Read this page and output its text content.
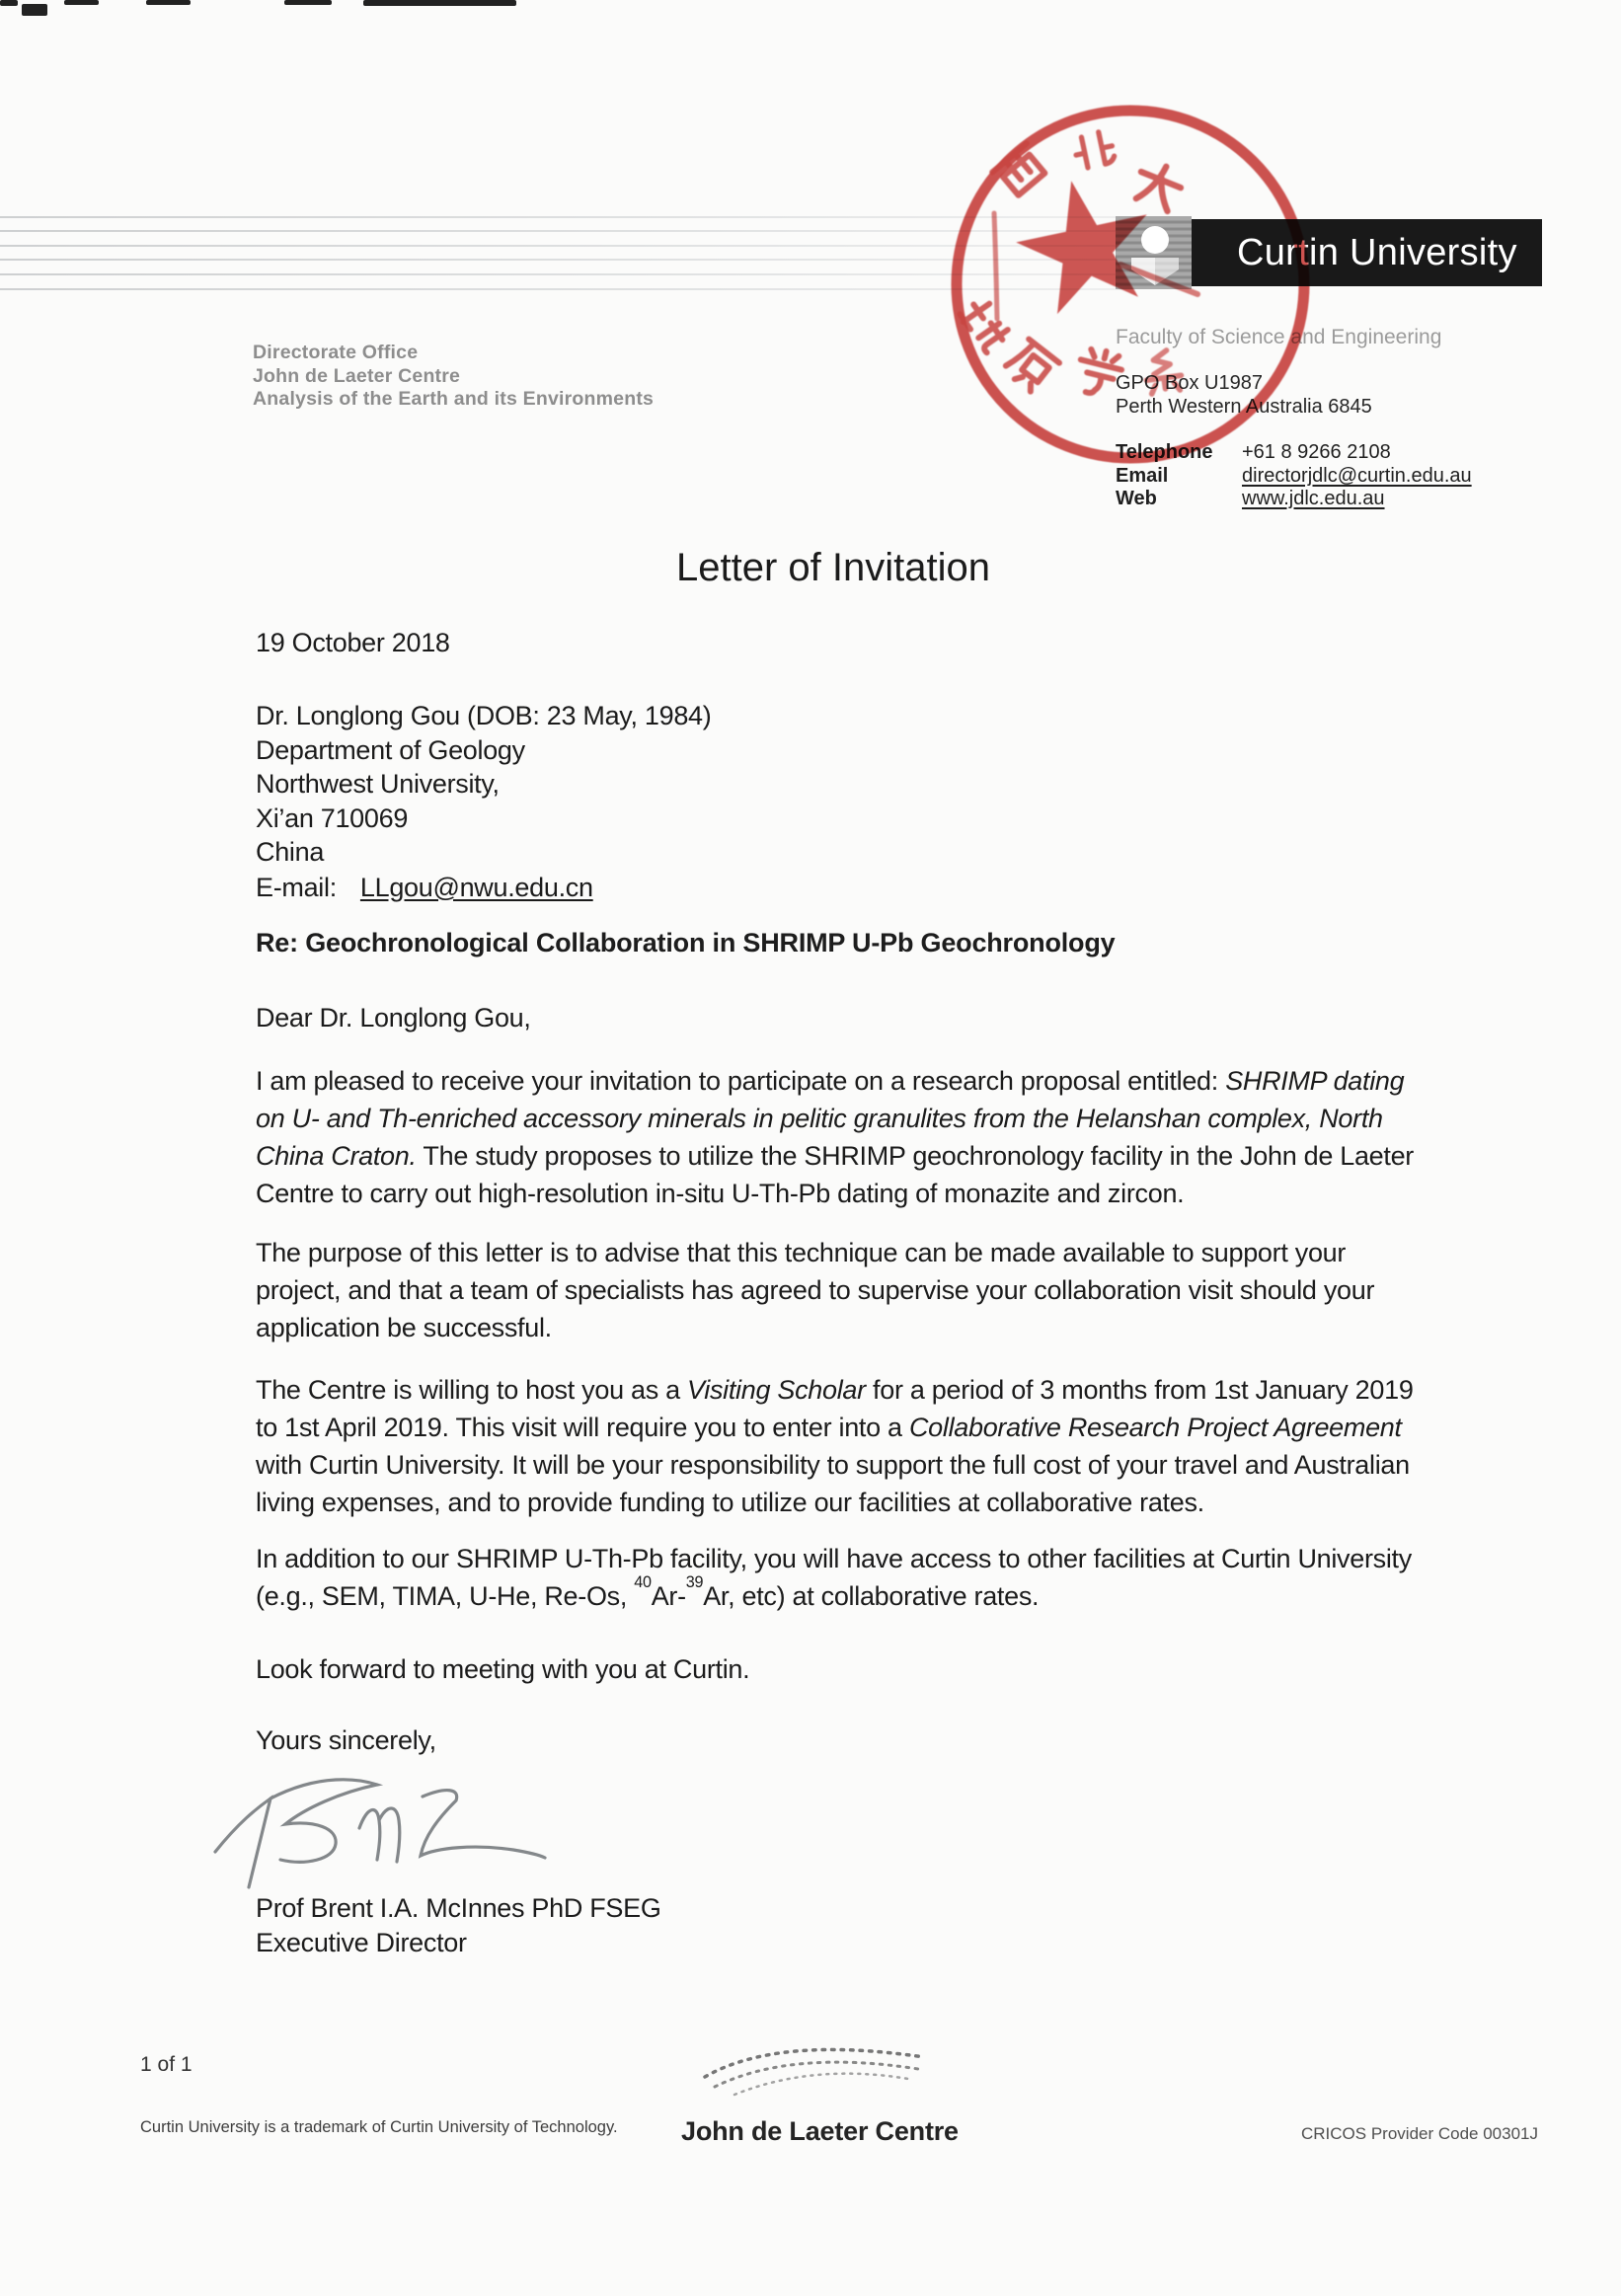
Curtin University
Directorate Office
John de Laeter Centre
Analysis of the Earth and its Environments
Faculty of Science and Engineering
GPO Box U1987
Perth Western Australia 6845
Telephone	+61 8 9266 2108
Email	directorjdlc@curtin.edu.au
Web	www.jdlc.edu.au
Letter of Invitation
19 October 2018
Dr. Longlong Gou (DOB: 23 May, 1984)
Department of Geology
Northwest University,
Xi’an 710069
China
E-mail: LLgou@nwu.edu.cn
Re: Geochronological Collaboration in SHRIMP U-Pb Geochronology
Dear Dr. Longlong Gou,
I am pleased to receive your invitation to participate on a research proposal entitled: SHRIMP dating on U- and Th-enriched accessory minerals in pelitic granulites from the Helanshan complex, North China Craton. The study proposes to utilize the SHRIMP geochronology facility in the John de Laeter Centre to carry out high-resolution in-situ U-Th-Pb dating of monazite and zircon.
The purpose of this letter is to advise that this technique can be made available to support your project, and that a team of specialists has agreed to supervise your collaboration visit should your application be successful.
The Centre is willing to host you as a Visiting Scholar for a period of 3 months from 1st January 2019 to 1st April 2019. This visit will require you to enter into a Collaborative Research Project Agreement with Curtin University. It will be your responsibility to support the full cost of your travel and Australian living expenses, and to provide funding to utilize our facilities at collaborative rates.
In addition to our SHRIMP U-Th-Pb facility, you will have access to other facilities at Curtin University (e.g., SEM, TIMA, U-He, Re-Os, $^{40}$Ar-$^{39}$Ar, etc) at collaborative rates.
Look forward to meeting with you at Curtin.
Yours sincerely,
Prof Brent I.A. McInnes PhD FSEG
Executive Director
1 of 1
Curtin University is a trademark of Curtin University of Technology. John de Laeter Centre	CRICOS Provider Code 00301J
